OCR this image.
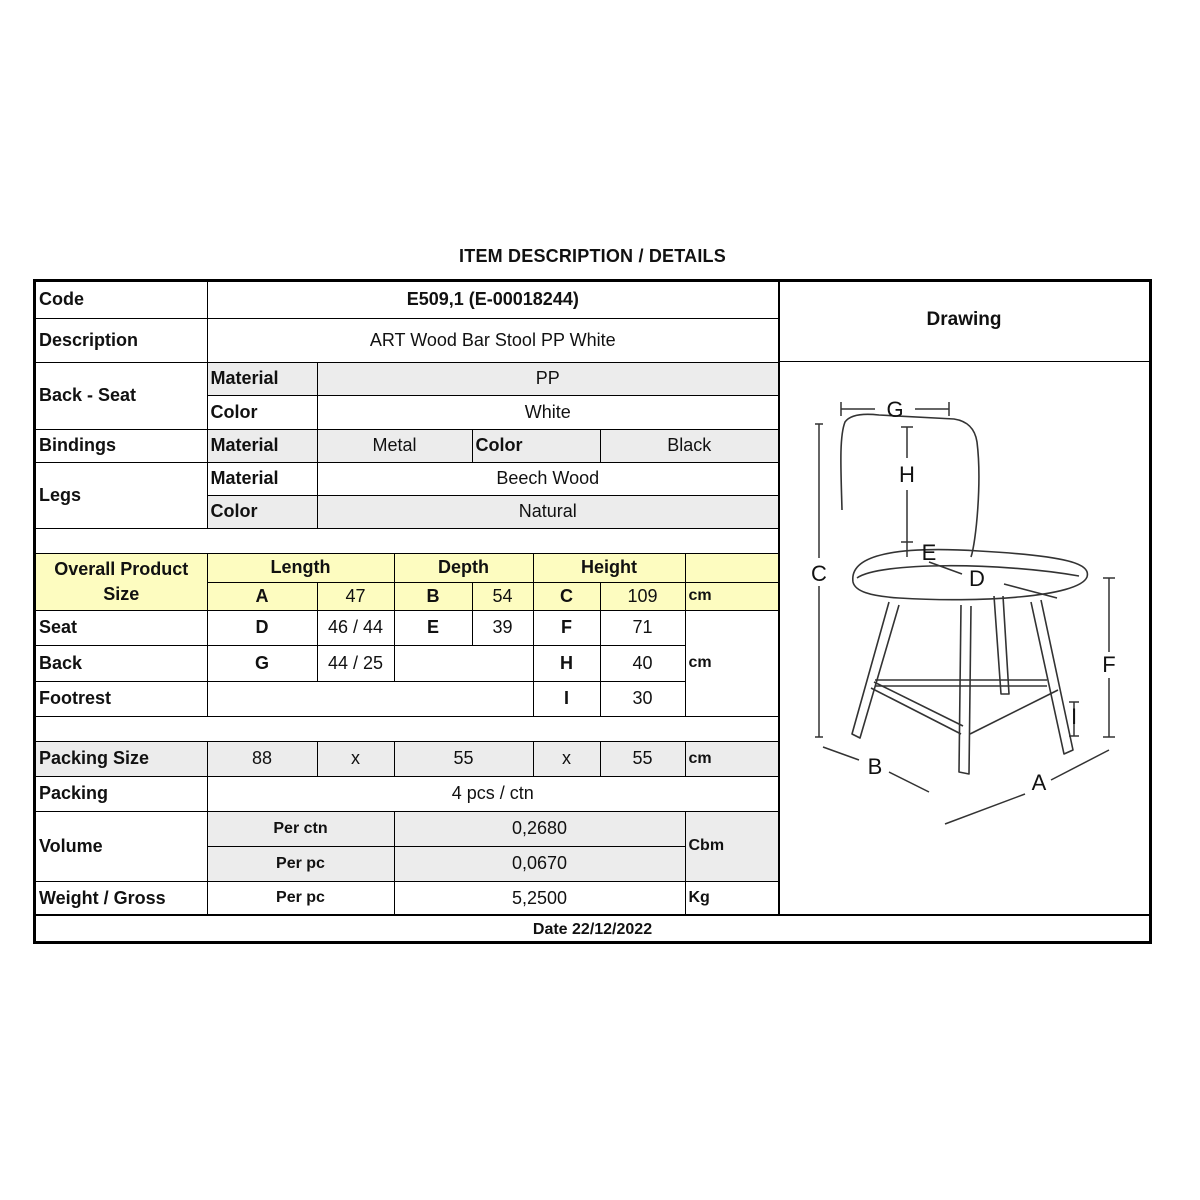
ITEM DESCRIPTION / DETAILS
Code	E509,1 (E-00018244)						
Description	ART Wood Bar Stool PP White						
Back - Seat	Material	PP					
	Color	White					
Bindings	Material	Metal		Color		Black	
Legs	Material	Beech Wood					
	Color	Natural					

Overall Product
Size	Length		Depth		Height		
	A	47	B	54	C	109	cm
Seat	D	46 / 44	E	39	F	71	cm
Back	G	44 / 25			H	40	
Footrest					I	30	

Packing Size	88	x	55		x	55	cm
Packing	4 pcs / ctn						
Volume	Per ctn		0,2680				Cbm
	Per pc		0,0670				
Weight / Gross	Per pc		5,2500				Kg
Drawing
G
H
C
E
D
F
I
B
A
Date 22/12/2022
